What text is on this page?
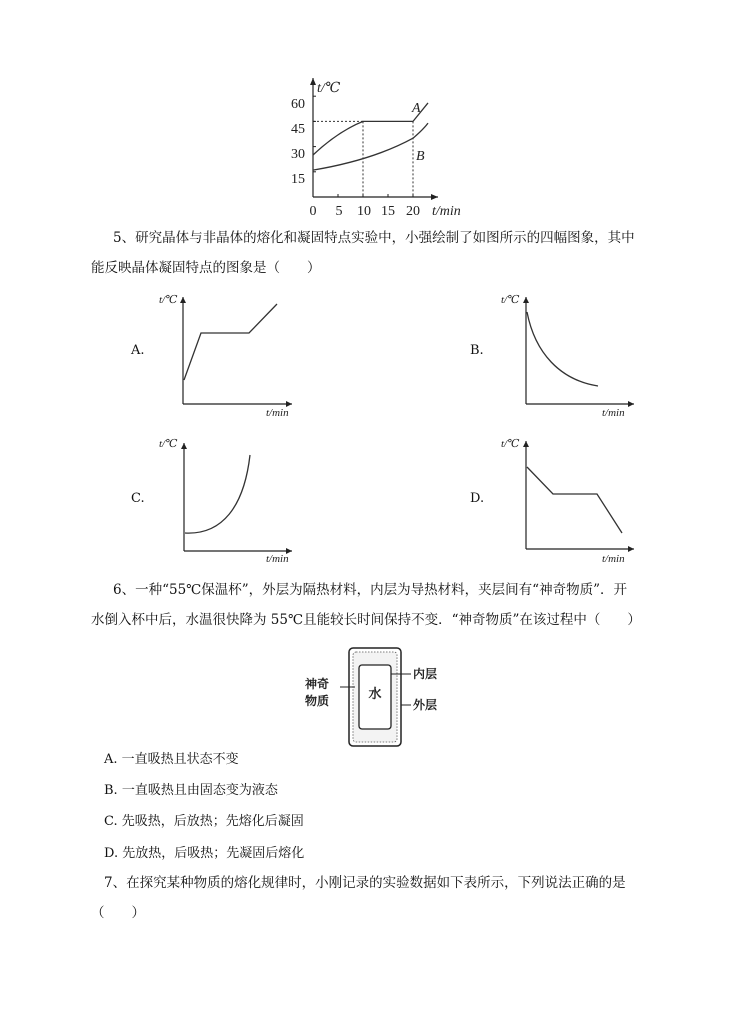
t/℃
t/min
A
B
60
45
30
15
0 5 10 15 20

5、研究晶体与非晶体的熔化和凝固特点实验中，小强绘制了如图所示的四幅图象，其中

能反映晶体凝固特点的图象是（　　）

t/℃
t/min
t/℃
t/min
t/℃
t/min
t/℃
t/min
A.	B.
C.	D.

6、一种“55℃保温杯”，外层为隔热材料，内层为导热材料，夹层间有“神奇物质”．开

水倒入杯中后，水温很快降为 55℃且能较长时间保持不变．“神奇物质”在该过程中（　　）

水
神奇
物质
内层
外层
A. 一直吸热且状态不变
B. 一直吸热且由固态变为液态
C. 先吸热，后放热；先熔化后凝固
D. 先放热，后吸热；先凝固后熔化

7、在探究某种物质的熔化规律时，小刚记录的实验数据如下表所示，下列说法正确的是

（　　）
